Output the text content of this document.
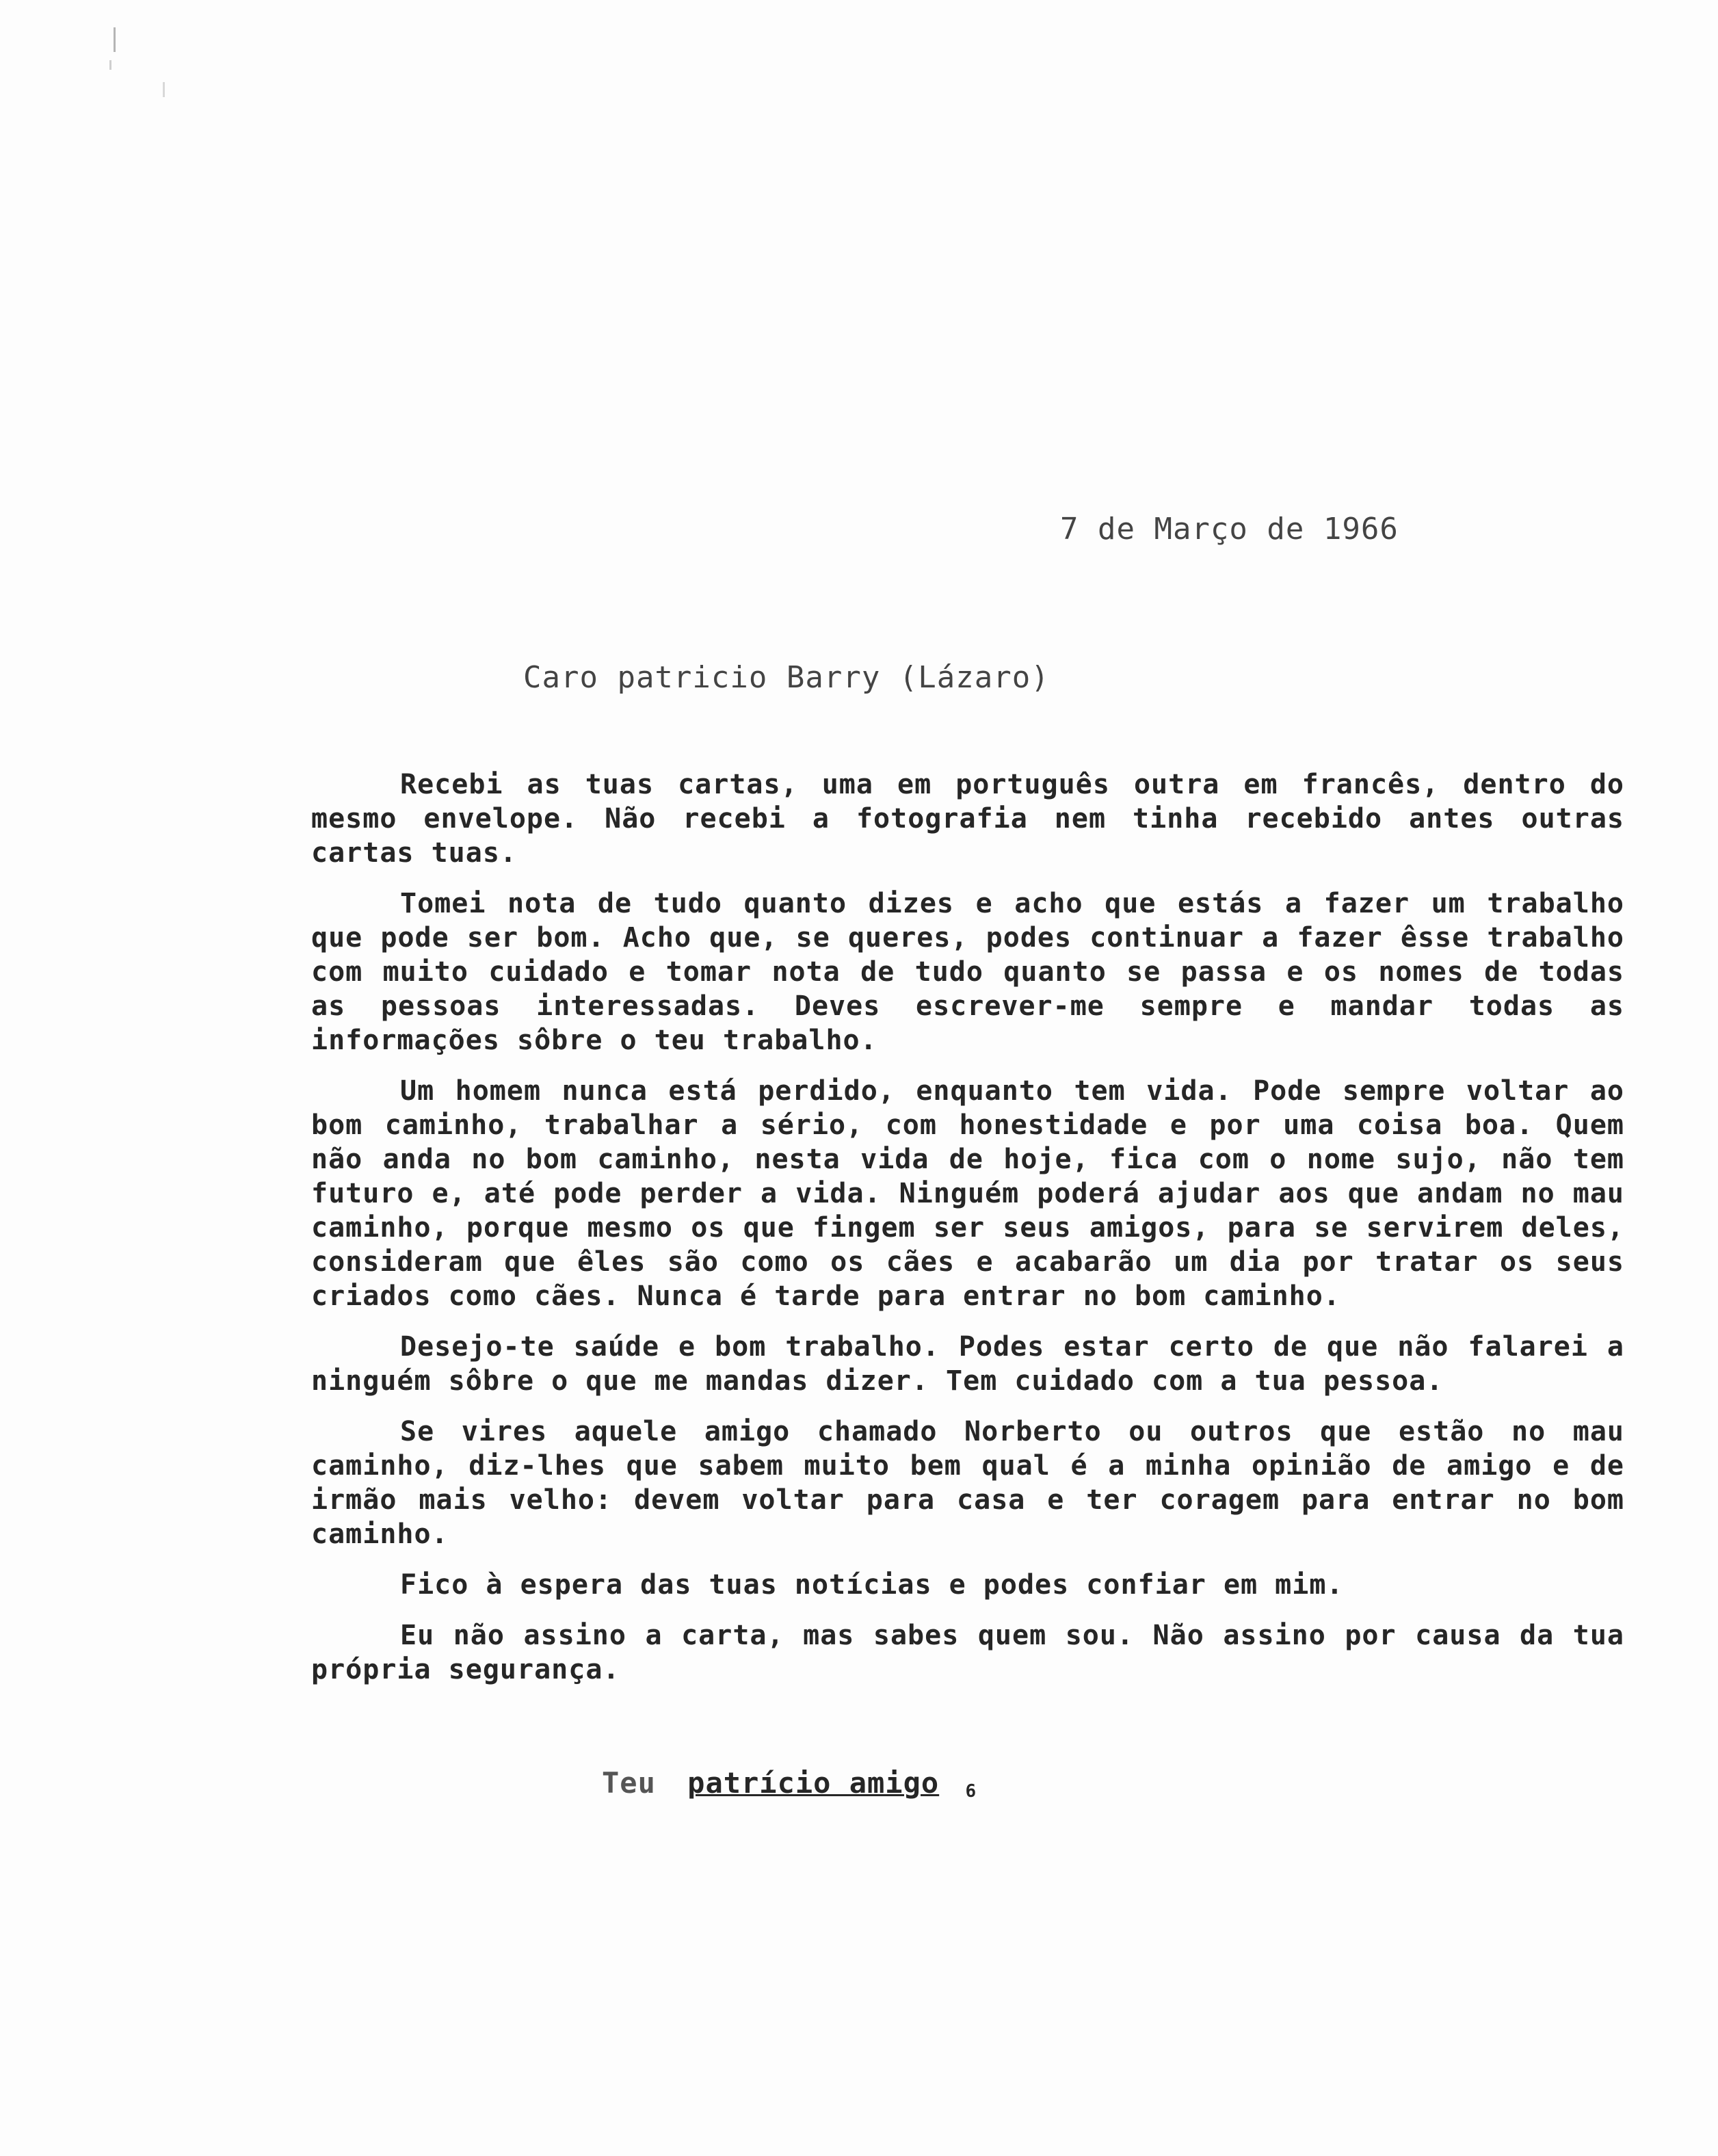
7 de Março de 1966
Caro patricio Barry (Lázaro)

Recebi as tuas cartas, uma em português outra em francês, dentro do mesmo envelope. Não recebi a fotografia nem tinha recebido antes outras cartas tuas.

Tomei nota de tudo quanto dizes e acho que estás a fazer um trabalho que pode ser bom. Acho que, se queres, podes continuar a fazer êsse trabalho com muito cuidado e tomar nota de tudo quanto se passa e os nomes de todas as pessoas interessadas. Deves escrever-me sempre e mandar todas as informações sôbre o teu trabalho.

Um homem nunca está perdido, enquanto tem vida. Pode sempre voltar ao bom caminho, trabalhar a sério, com honestidade e por uma coisa boa. Quem não anda no bom caminho, nesta vida de hoje, fica com o nome sujo, não tem futuro e, até pode perder a vida. Ninguém poderá ajudar aos que andam no mau caminho, porque mesmo os que fingem ser seus amigos, para se servirem deles, consideram que êles são como os cães e acabarão um dia por tratar os seus criados como cães. Nunca é tarde para entrar no bom caminho.

Desejo-te saúde e bom trabalho. Podes estar certo de que não falarei a ninguém sôbre o que me mandas dizer. Tem cuidado com a tua pessoa.

Se vires aquele amigo chamado Norberto ou outros que estão no mau caminho, diz-lhes que sabem muito bem qual é a minha opinião de amigo e de irmão mais velho: devem voltar para casa e ter coragem para entrar no bom caminho.

Fico à espera das tuas notícias e podes confiar em mim.

Eu não assino a carta, mas sabes quem sou. Não assino por causa da tua própria segurança.

Teu patrício amigo 6
